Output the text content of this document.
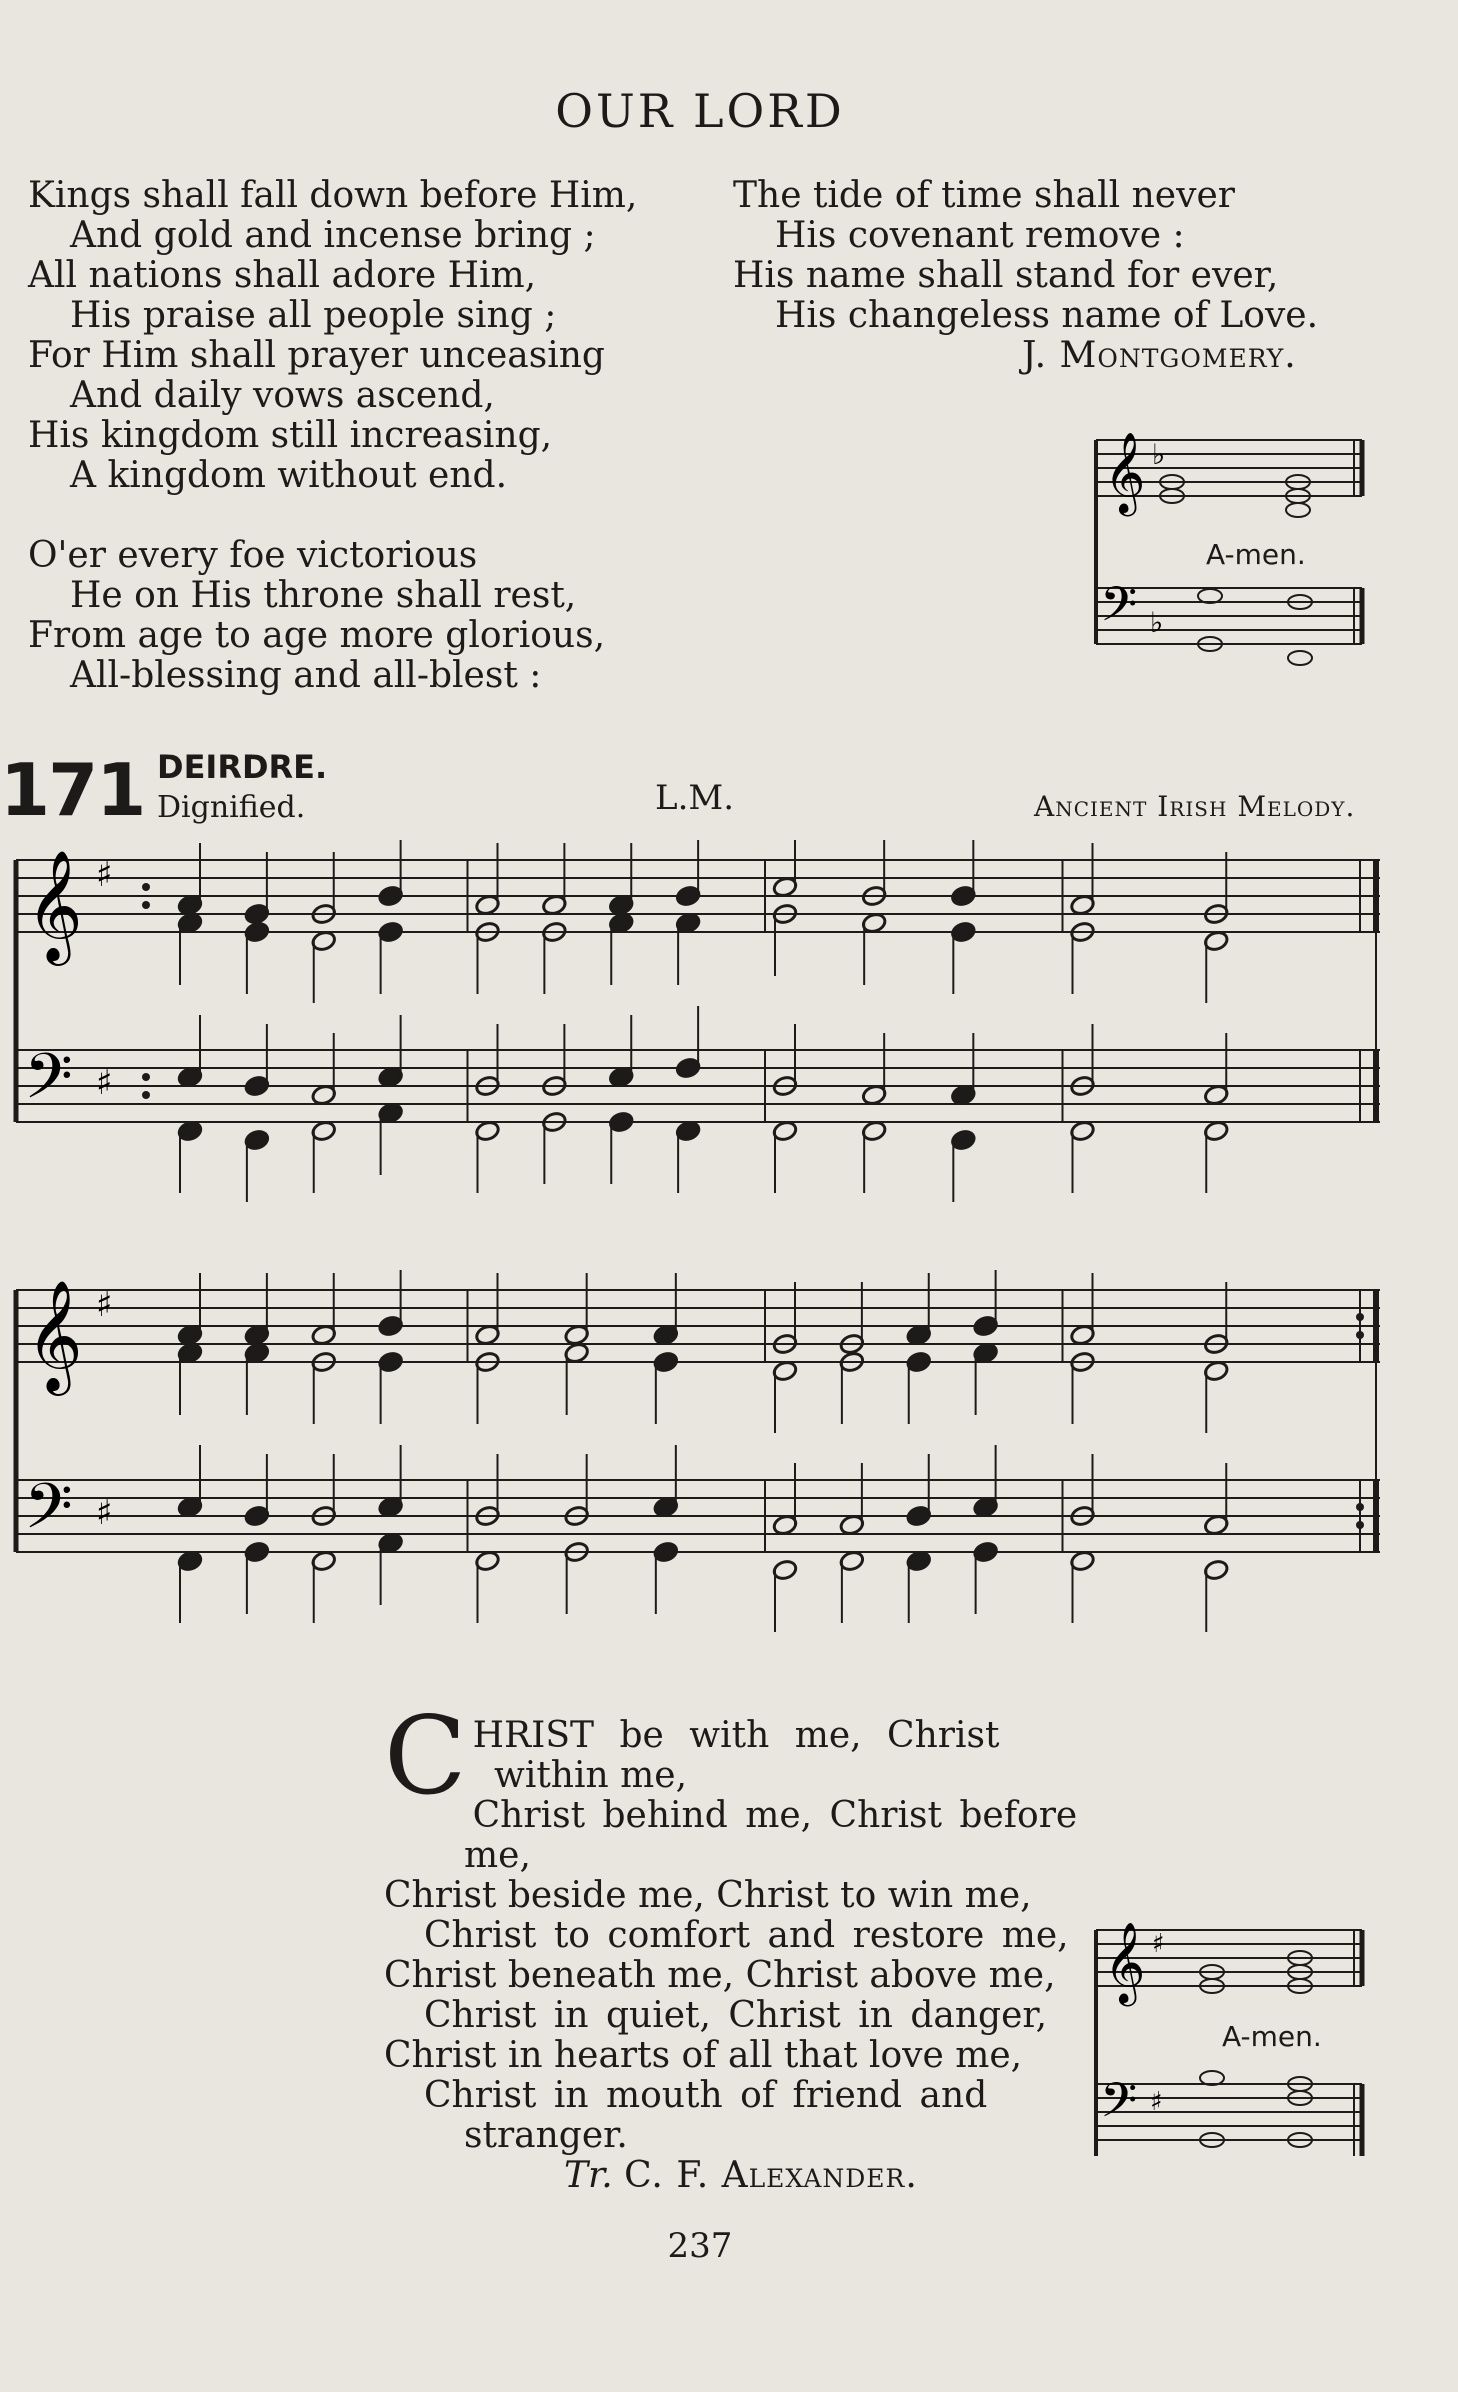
OUR LORD
Kings shall fall down before Him,
And gold and incense bring ;
All nations shall adore Him,
His praise all people sing ;
For Him shall prayer unceasing
And daily vows ascend,
His kingdom still increasing,
A kingdom without end.

O'er every foe victorious
He on His throne shall rest,
From age to age more glorious,
All-blessing and all-blest :
The tide of time shall never
His covenant remove :
His name shall stand for ever,
His changeless name of Love.
J. Montgomery.
𝄞 ♭
𝄢 ♭
A-men.
171 DEIRDRE.
Dignified.	L.M.	Ancient Irish Melody.
𝄞
𝄢
♯
♯
𝄞
𝄢
♯
♯
C HRIST be with me, Christ
within me,
Christ behind me, Christ before
me,
Christ beside me, Christ to win me,
Christ to comfort and restore me,
Christ beneath me, Christ above me,
Christ in quiet, Christ in danger,
Christ in hearts of all that love me,
Christ in mouth of friend and
stranger.
Tr. C. F. Alexander.
𝄞 ♯
𝄢 ♯
A-men.
237
